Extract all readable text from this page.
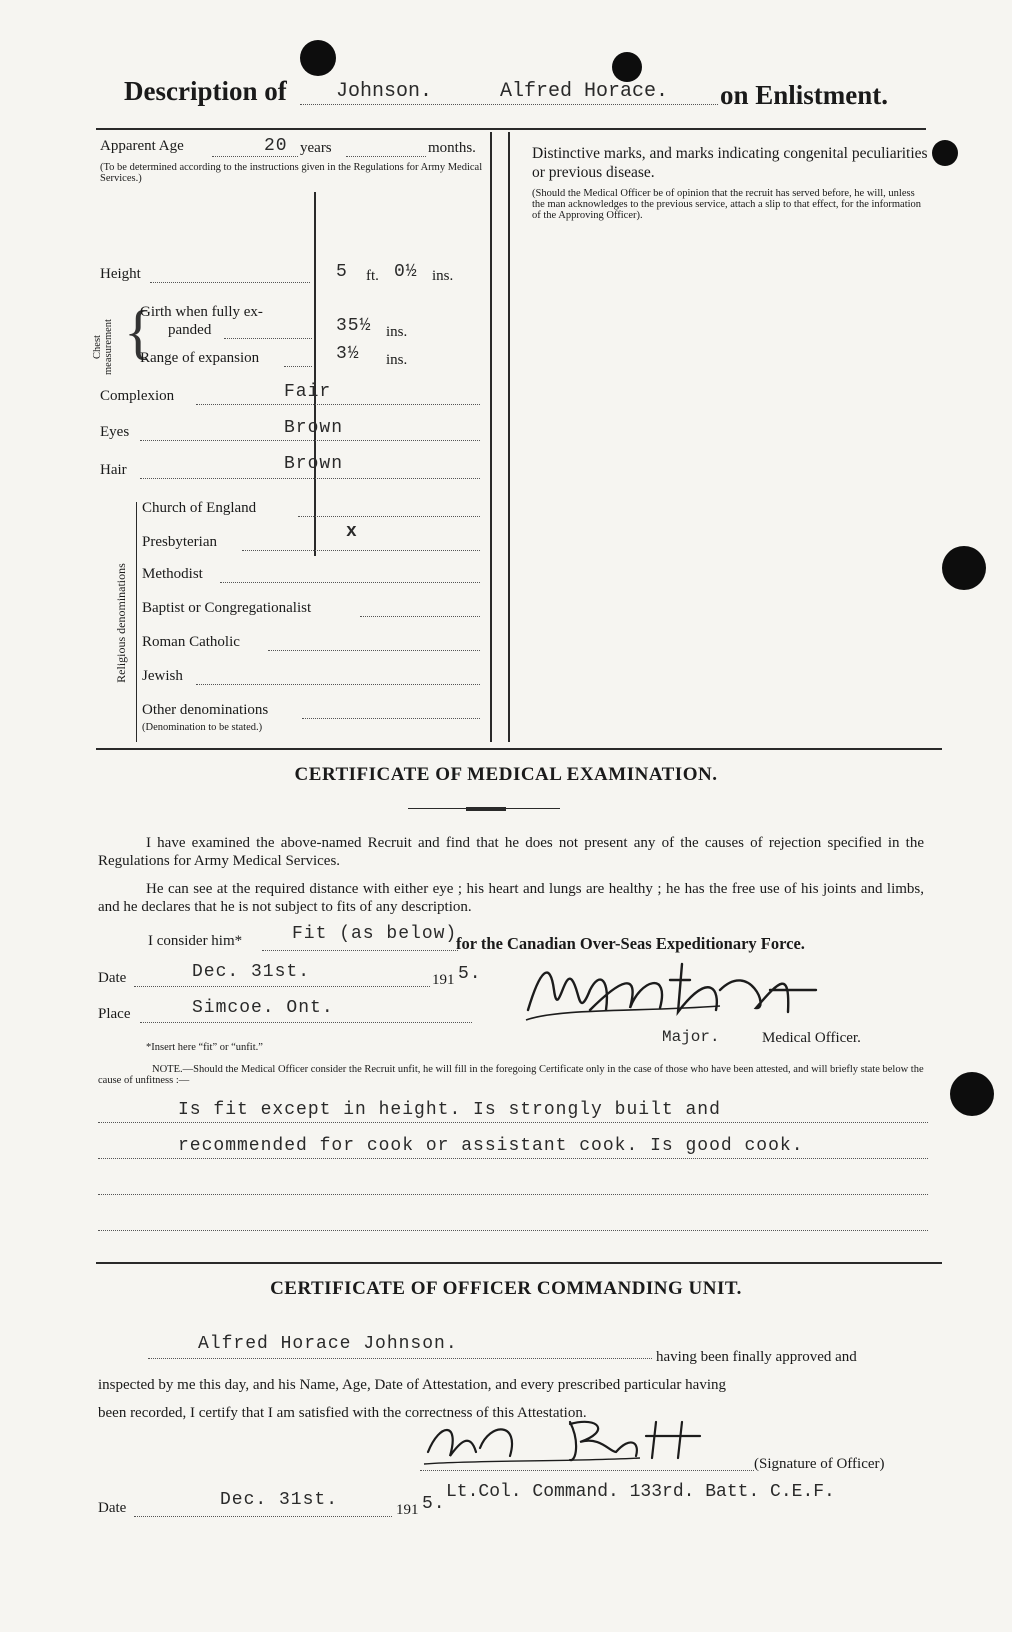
Description of Johnson.	Alfred Horace. on Enlistment.
Apparent Age	20 years	months.
(To be determined according to the instructions given in the Regulations for Army Medical Services.)
Height	5 ft. 0½ ins.
Chest measurement {
Girth when fully ex-
panded	35½ ins.
Range of expansion	3½ ins.
Complexion	Fair
Eyes	Brown
Hair	Brown
Religious denominations
Church of England
Presbyterian	x
Methodist
Baptist or Congregationalist
Roman Catholic
Jewish
Other denominations
(Denomination to be stated.)
Distinctive marks, and marks indicating congenital peculiarities or previous disease.
(Should the Medical Officer be of opinion that the recruit has served before, he will, unless the man acknowledges to the previous service, attach a slip to that effect, for the information of the Approving Officer).
CERTIFICATE OF MEDICAL EXAMINATION.
I have examined the above-named Recruit and find that he does not present any of the causes of rejection specified in the Regulations for Army Medical Services.
He can see at the required distance with either eye ; his heart and lungs are healthy ; he has the free use of his joints and limbs, and he declares that he is not subject to fits of any description.
I consider him*	Fit (as below)
for the Canadian Over-Seas Expeditionary Force.
Date	Dec. 31st.	191 5.
Place	Simcoe. Ont.
Major.	Medical Officer.
*Insert here “fit” or “unfit.”
NOTE.—Should the Medical Officer consider the Recruit unfit, he will fill in the foregoing Certificate only in the case of those who have been attested, and will briefly state below the cause of unfitness :—
Is fit except in height. Is strongly built and
recommended for cook or assistant cook. Is good cook.
CERTIFICATE OF OFFICER COMMANDING UNIT.
Alfred Horace Johnson.
having been finally approved and
inspected by me this day, and his Name, Age, Date of Attestation, and every prescribed particular having
been recorded, I certify that I am satisfied with the correctness of this Attestation.
(Signature of Officer)
Lt.Col. Command. 133rd. Batt. C.E.F.
Date	Dec. 31st.	191 5.
